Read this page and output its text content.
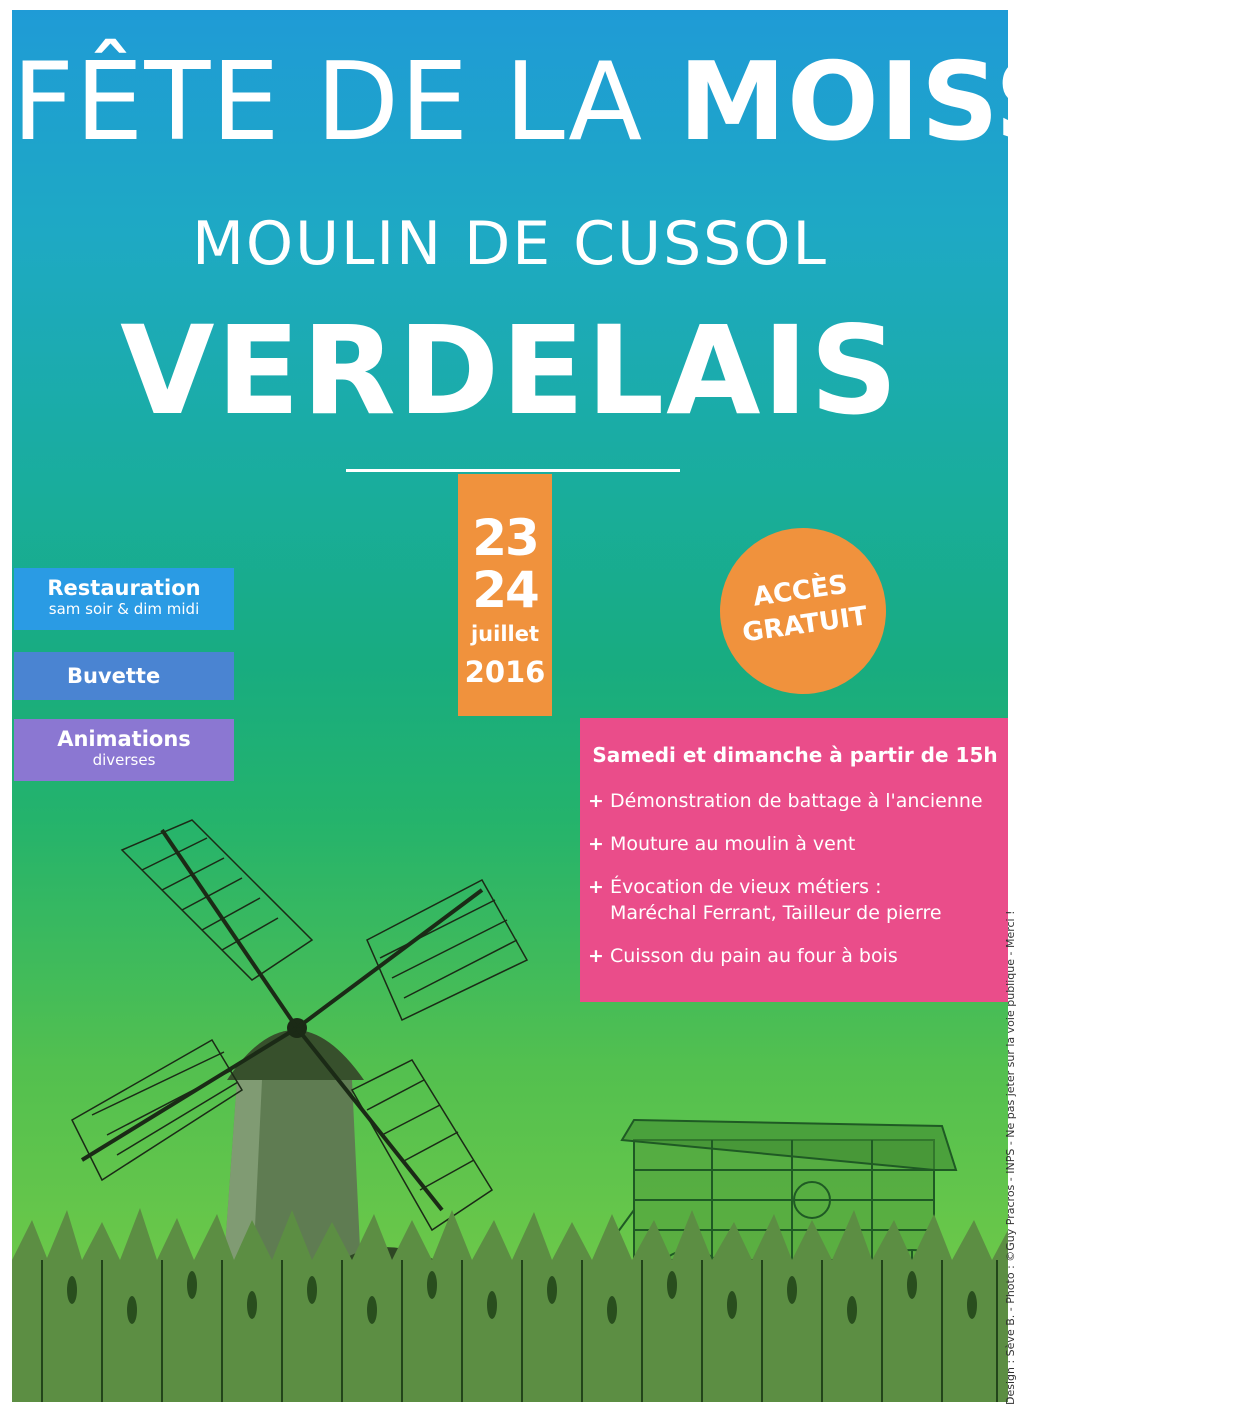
FÊTE DE LA MOISSON
MOULIN DE CUSSOL
VERDELAIS
23
24
juillet
2016
ACCÈS
GRATUIT
Restauration
sam soir & dim midi
Buvette
Animations
diverses	Samedi et dimanche à partir de 15h
+ Démonstration de battage à l'ancienne
+ Mouture au moulin à vent
+ Évocation de vieux métiers :
Maréchal Ferrant, Tailleur de pierre
+ Cuisson du pain au four à bois	Design : Sève B. - Photo : ©Guy Pracros - INPS - Ne pas jeter sur la voie publique - Merci !
